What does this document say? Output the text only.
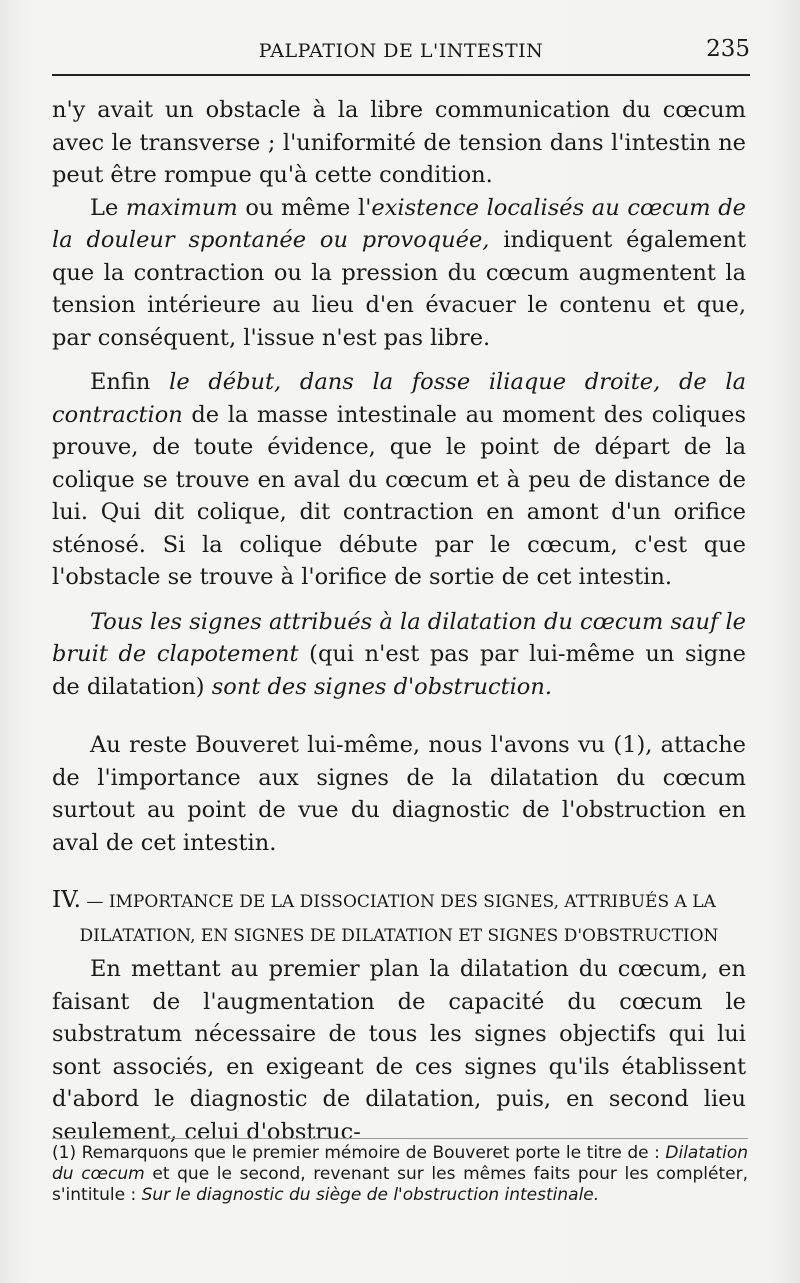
PALPATION DE L'INTESTIN	235

n'y avait un obstacle à la libre communication du cœcum avec le transverse ; l'uniformité de tension dans l'intestin ne peut être rompue qu'à cette condition.

Le maximum ou même l'existence localisés au cœcum de la douleur spontanée ou provoquée, indiquent également que la contraction ou la pression du cœcum augmentent la tension intérieure au lieu d'en évacuer le contenu et que, par conséquent, l'issue n'est pas libre.

Enfin le début, dans la fosse iliaque droite, de la contraction de la masse intestinale au moment des coliques prouve, de toute évidence, que le point de départ de la colique se trouve en aval du cœcum et à peu de distance de lui. Qui dit colique, dit contraction en amont d'un orifice sténosé. Si la colique débute par le cœcum, c'est que l'obstacle se trouve à l'orifice de sortie de cet intestin.

Tous les signes attribués à la dilatation du cœcum sauf le bruit de clapotement (qui n'est pas par lui-même un signe de dilatation) sont des signes d'obstruction.

Au reste Bouveret lui-même, nous l'avons vu (1), attache de l'importance aux signes de la dilatation du cœcum surtout au point de vue du diagnostic de l'obstruction en aval de cet intestin.

IV. — IMPORTANCE DE LA DISSOCIATION DES SIGNES, ATTRIBUÉS A LA
DILATATION, EN SIGNES DE DILATATION ET SIGNES D'OBSTRUCTION

En mettant au premier plan la dilatation du cœcum, en faisant de l'augmentation de capacité du cœcum le substratum nécessaire de tous les signes objectifs qui lui sont associés, en exigeant de ces signes qu'ils établissent d'abord le diagnostic de dilatation, puis, en second lieu seulement, celui d'obstruc-

(1) Remarquons que le premier mémoire de Bouveret porte le titre de : Dilatation du cœcum et que le second, revenant sur les mêmes faits pour les compléter, s'intitule : Sur le diagnostic du siège de l'obstruction intestinale.
